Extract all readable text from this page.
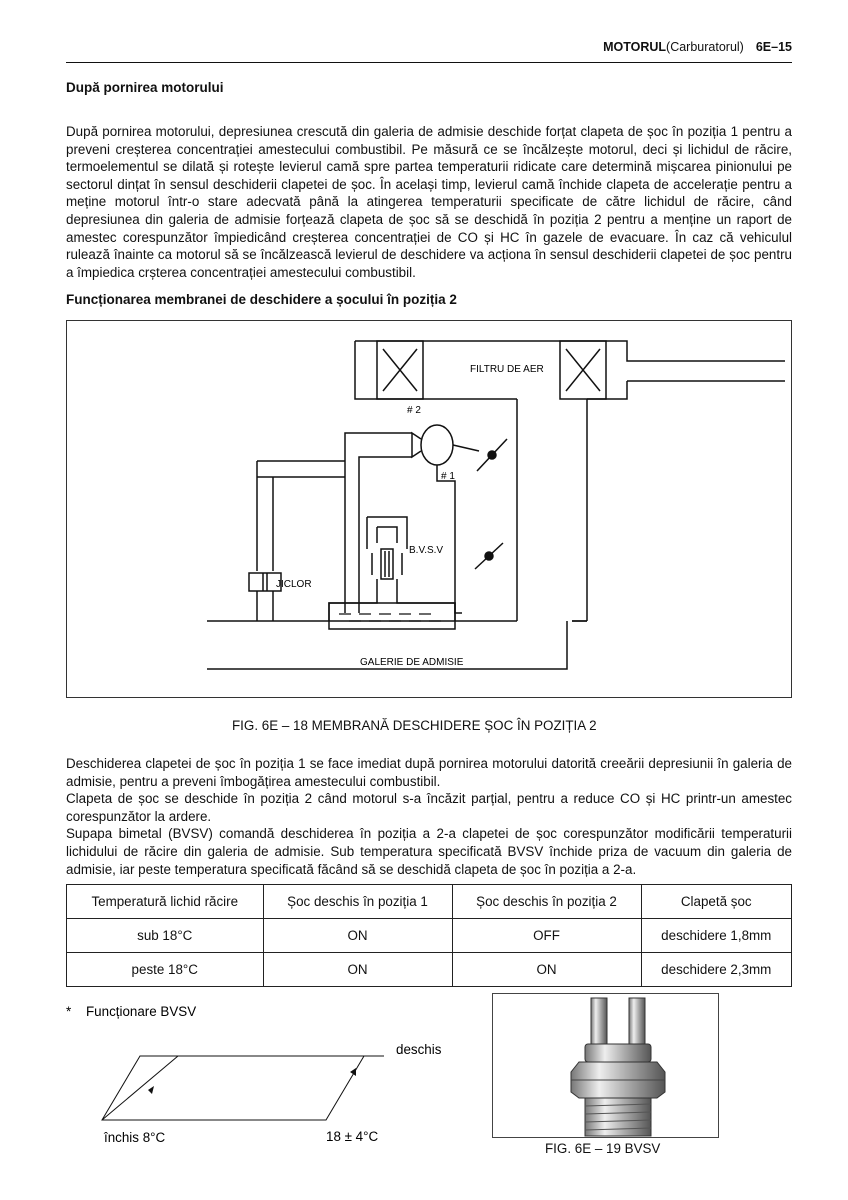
MOTORUL(Carburatorul) 6E–15
După pornirea motorului

După pornirea motorului, depresiunea crescută din galeria de admisie deschide forțat clapeta de șoc în poziția 1 pentru a preveni creșterea concentrației amestecului combustibil. Pe măsură ce se încălzește motorul, deci și lichidul de răcire, termoelementul se dilată și rotește levierul camă spre partea temperaturii ridicate care determină mișcarea pinionului pe sectorul dințat în sensul deschiderii clapetei de șoc. În același timp, levierul camă închide clapeta de accelerație pentru a meține motorul într-o stare adecvată până la atingerea temperaturii specificate de către lichidul de răcire, când depresiunea din galeria de admisie forțează clapeta de șoc să se deschidă în poziția 2 pentru a menține un raport de amestec corespunzător împiedicând creșterea concentrației de CO și HC în gazele de evacuare. În caz că vehiculul rulează înainte ca motorul să se încălzească levierul de deschidere va acționa în sensul deschiderii clapetei de șoc pentru a împiedica crșterea concentrației amestecului combustibil.

Funcționarea membranei de deschidere a șocului în poziția 2
FILTRU DE AER
# 2
# 1
B.V.S.V
JICLOR
GALERIE DE ADMISIE
FIG. 6E – 18 MEMBRANĂ DESCHIDERE ȘOC ÎN POZIȚIA 2

Deschiderea clapetei de șoc în poziția 1 se face imediat după pornirea motorului datorită creeării depresiunii în galeria de admisie, pentru a preveni îmbogățirea amestecului combustibil.

Clapeta de șoc se deschide în poziția 2 când motorul s-a încăzit parțial, pentru a reduce CO și HC printr-un amestec corespunzător la ardere.

Supapa bimetal (BVSV) comandă deschiderea în poziția a 2-a clapetei de șoc corespunzător modificării temperaturii lichidului de răcire din galeria de admisie. Sub temperatura specificată BVSV închide priza de vacuum din galeria de admisie, iar peste temperatura specificată făcând să se deschidă clapeta de șoc în poziția a 2-a.

Temperatură lichid răcire	Șoc deschis în poziția 1	Șoc deschis în poziția 2	Clapetă șoc
sub 18°C	ON	OFF	deschidere 1,8mm
peste 18°C	ON	ON	deschidere 2,3mm
* Funcționare BVSV
deschis
închis 8°C	18 ± 4°C
FIG. 6E – 19 BVSV
